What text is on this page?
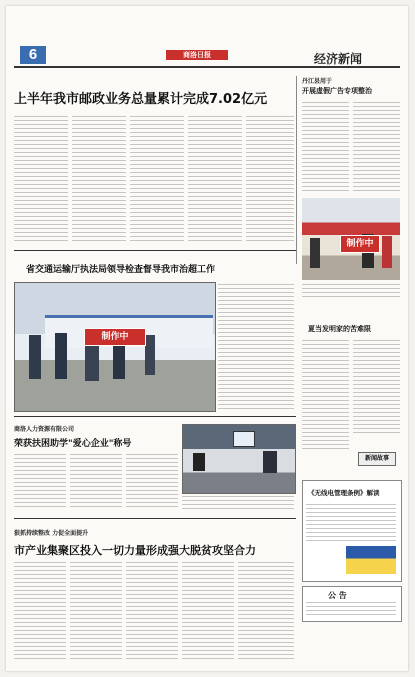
6	商洛日报	经济新闻
上半年我市邮政业务总量累计完成7.02亿元
丹江县用于
开展虚假广告专项整治
制作中
省交通运输厅执法局领导检查督导我市治超工作
制作中
夏当发明家的苦难限
新闻故事
商洛人力资源有限公司
荣获扶困助学"爱心企业"称号
狠抓持续整改 力促全面提升
市产业集聚区投入一切力量形成强大脱贫攻坚合力
《无线电管理条例》解读
公 告
